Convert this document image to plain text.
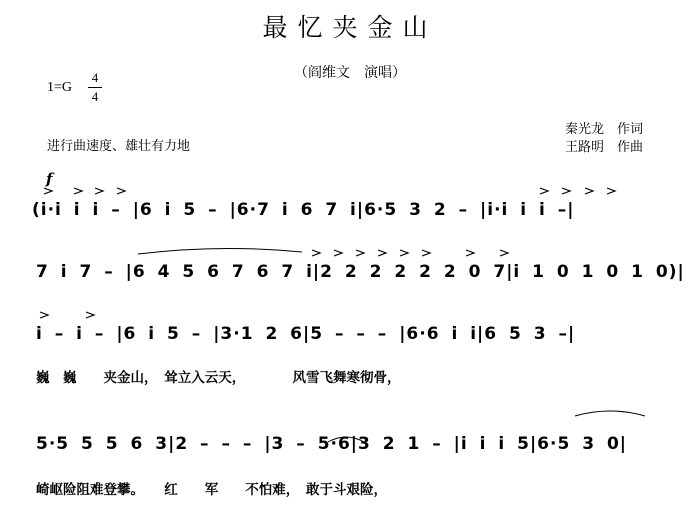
最忆夹金山
（阎维文　演唱）
1=G
4
4
进行曲速度、雄壮有力地
秦光龙　作词
王路明　作曲
f
(i·i i i – |6 i 5 – |6·7 i 6 7 i|6·5 3 2 – |i·i i i –|
7 i 7 – |6 4 5 6 7 6 7 i|2 2 2 2 2 2 0 7|i 1 0 1 0 1 0)|
i – i – |6 i 5 – |3·1 2 6|5 – – – |6·6 i i|6 5 3 –|
巍　巍　　夹金山，　耸立入云天，　　　　风雪飞舞寒彻骨，
5·5 5 5 6 3|2 – – – |3 – 5·6|3 2 1 – |i i i 5|6·5 3 0|
崎岖险阻难登攀。　　红　　军　　不怕难，　敢于斗艰险，
